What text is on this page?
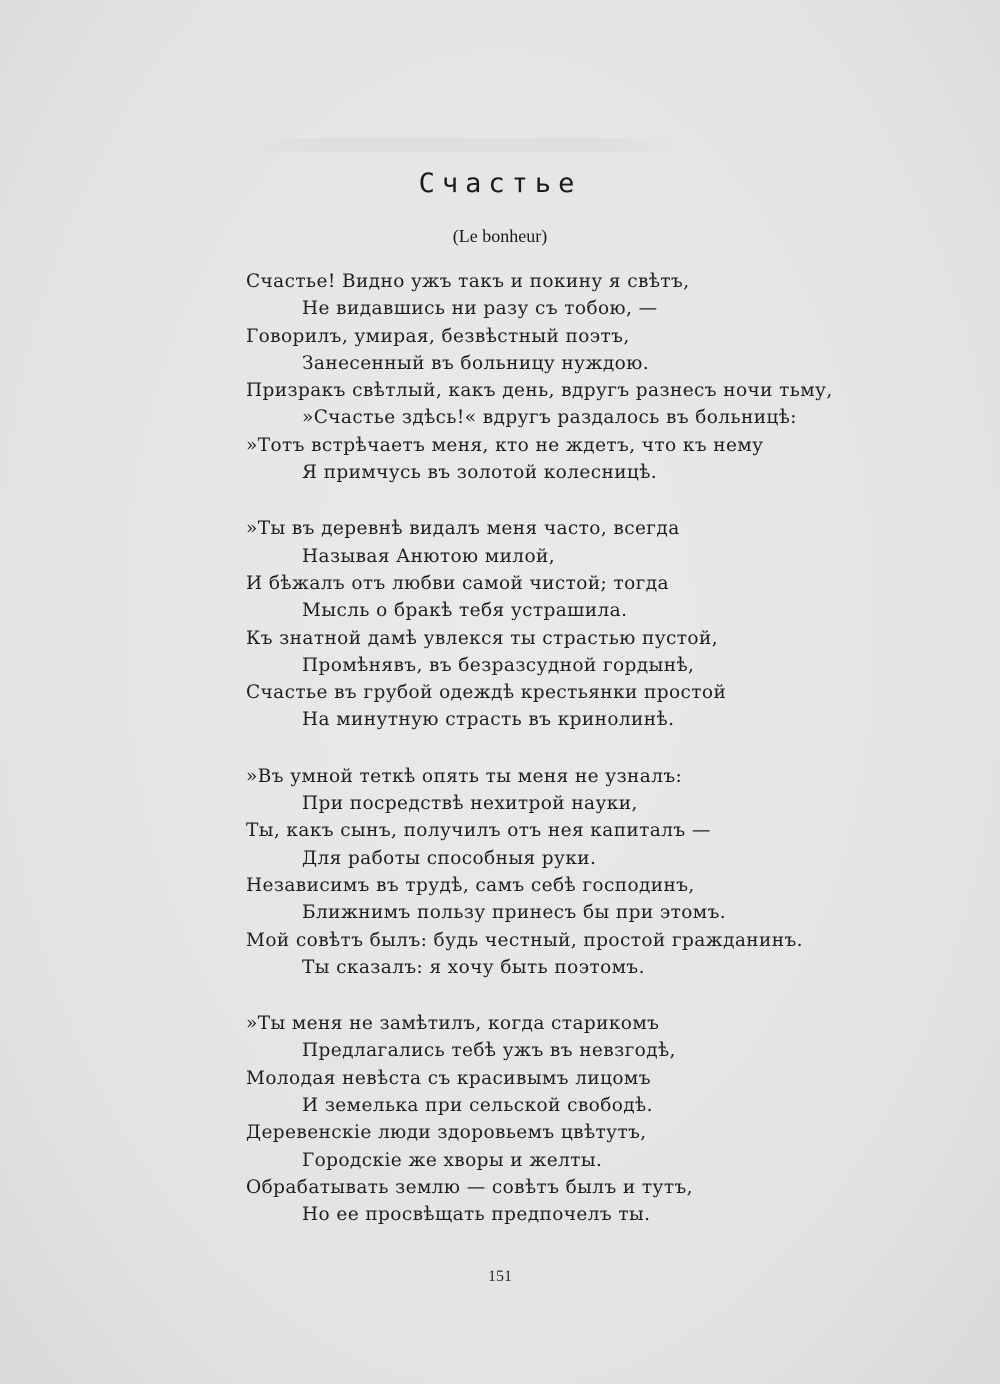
Счастье
(Le bonheur)
Счастье! Видно ужъ такъ и покину я свѣтъ,
Не видавшись ни разу съ тобою, —
Говорилъ, умирая, безвѣстный поэтъ,
Занесенный въ больницу нуждою.
Призракъ свѣтлый, какъ день, вдругъ разнесъ ночи тьму,
»Счастье здѣсь!« вдругъ раздалось въ больницѣ:
»Тотъ встрѣчаетъ меня, кто не ждетъ, что къ нему
Я примчусь въ золотой колесницѣ.
»Ты въ деревнѣ видалъ меня часто, всегда
Называя Анютою милой,
И бѣжалъ отъ любви самой чистой; тогда
Мысль о бракѣ тебя устрашила.
Къ знатной дамѣ увлекся ты страстью пустой,
Промѣнявъ, въ безразсудной гордынѣ,
Счастье въ грубой одеждѣ крестьянки простой
На минутную страсть въ кринолинѣ.
»Въ умной теткѣ опять ты меня не узналъ:
При посредствѣ нехитрой науки,
Ты, какъ сынъ, получилъ отъ нея капиталъ —
Для работы способныя руки.
Независимъ въ трудѣ, самъ себѣ господинъ,
Ближнимъ пользу принесъ бы при этомъ.
Мой совѣтъ былъ: будь честный, простой гражданинъ.
Ты сказалъ: я хочу быть поэтомъ.
»Ты меня не замѣтилъ, когда старикомъ
Предлагались тебѣ ужъ въ невзгодѣ,
Молодая невѣста съ красивымъ лицомъ
И земелька при сельской свободѣ.
Деревенскіе люди здоровьемъ цвѣтутъ,
Городскіе же хворы и желты.
Обрабатывать землю — совѣтъ былъ и тутъ,
Но ее просвѣщать предпочелъ ты.
151
